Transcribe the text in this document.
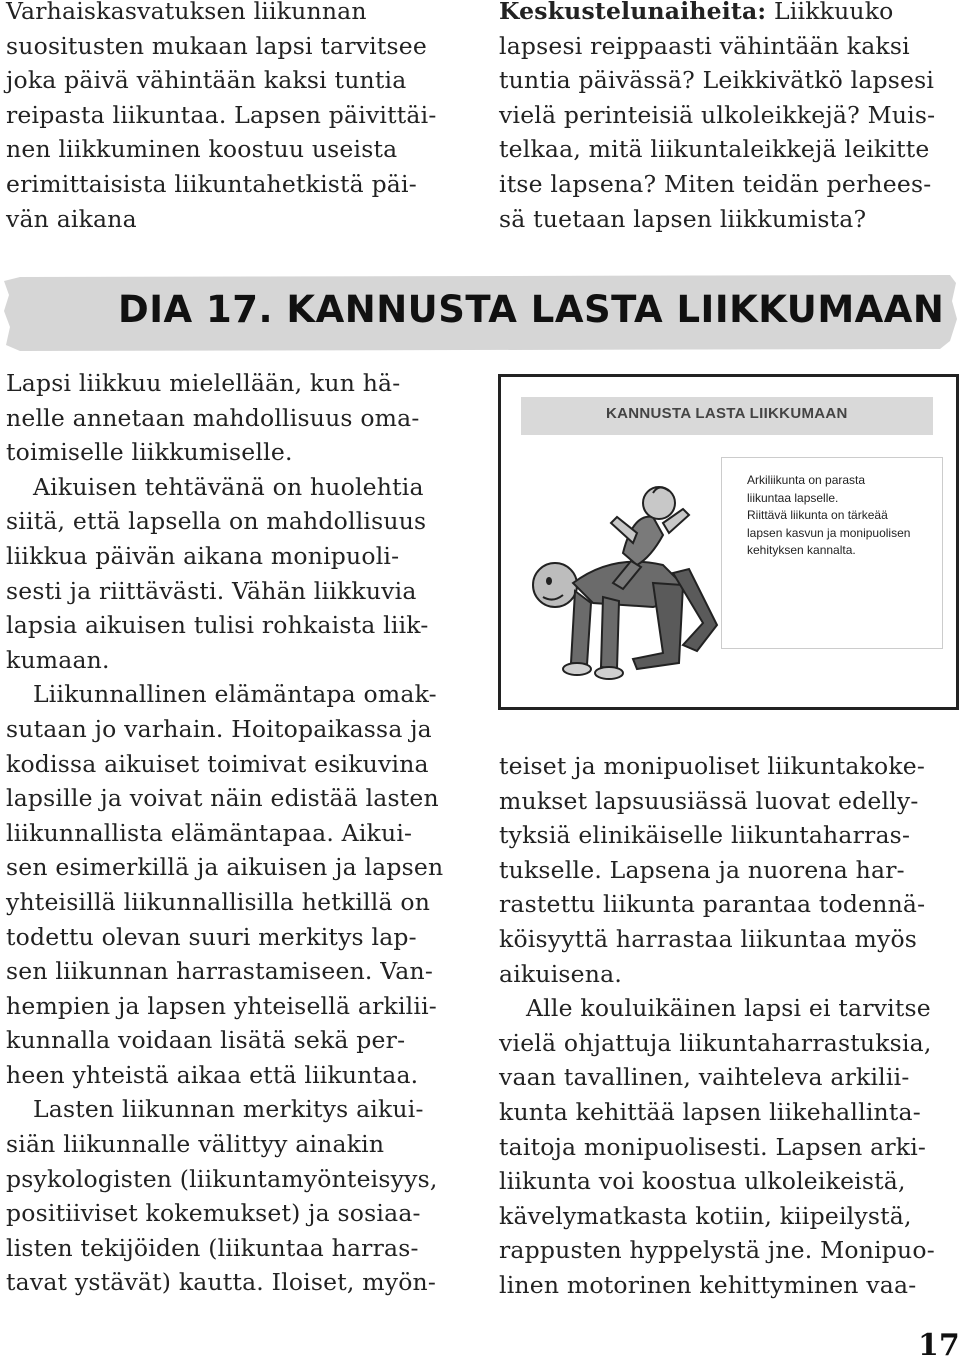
Varhaiskasvatuksen liikunnan
suositusten mukaan lapsi tarvitsee
joka päivä vähintään kaksi tuntia
reipasta liikuntaa. Lapsen päivittäi-
nen liikkuminen koostuu useista
erimittaisista liikuntahetkistä päi-
vän aikana
Keskustelunaiheita: Liikkuuko
lapsesi reippaasti vähintään kaksi
tuntia päivässä? Leikkivätkö lapsesi
vielä perinteisiä ulkoleikkejä? Muis-
telkaa, mitä liikuntaleikkejä leikitte
itse lapsena? Miten teidän perhees-
sä tuetaan lapsen liikkumista?
DIA 17. KANNUSTA LASTA LIIKKUMAAN
Lapsi liikkuu mielellään, kun hä-
nelle annetaan mahdollisuus oma-
toimiselle liikkumiselle.
Aikuisen tehtävänä on huolehtia
siitä, että lapsella on mahdollisuus
liikkua päivän aikana monipuoli-
sesti ja riittävästi. Vähän liikkuvia
lapsia aikuisen tulisi rohkaista liik-
kumaan.
Liikunnallinen elämäntapa omak-
sutaan jo varhain. Hoitopaikassa ja
kodissa aikuiset toimivat esikuvina
lapsille ja voivat näin edistää lasten
liikunnallista elämäntapaa. Aikui-
sen esimerkillä ja aikuisen ja lapsen
yhteisillä liikunnallisilla hetkillä on
todettu olevan suuri merkitys lap-
sen liikunnan harrastamiseen. Van-
hempien ja lapsen yhteisellä arkilii-
kunnalla voidaan lisätä sekä per-
heen yhteistä aikaa että liikuntaa.
Lasten liikunnan merkitys aikui-
siän liikunnalle välittyy ainakin
psykologisten (liikuntamyönteisyys,
positiiviset kokemukset) ja sosiaa-
listen tekijöiden (liikuntaa harras-
tavat ystävät) kautta. Iloiset, myön-
KANNUSTA LASTA LIIKKUMAAN
Arkiliikunta on parasta
liikuntaa lapselle.
Riittävä liikunta on tärkeää
lapsen kasvun ja monipuolisen
kehityksen kannalta.
teiset ja monipuoliset liikuntakoke-
mukset lapsuusiässä luovat edelly-
tyksiä elinikäiselle liikuntaharras-
tukselle. Lapsena ja nuorena har-
rastettu liikunta parantaa todennä-
köisyyttä harrastaa liikuntaa myös
aikuisena.
Alle kouluikäinen lapsi ei tarvitse
vielä ohjattuja liikuntaharrastuksia,
vaan tavallinen, vaihteleva arkilii-
kunta kehittää lapsen liikehallinta-
taitoja monipuolisesti. Lapsen arki-
liikunta voi koostua ulkoleikeistä,
kävelymatkasta kotiin, kiipeilystä,
rappusten hyppelystä jne. Monipuo-
linen motorinen kehittyminen vaa-
17
